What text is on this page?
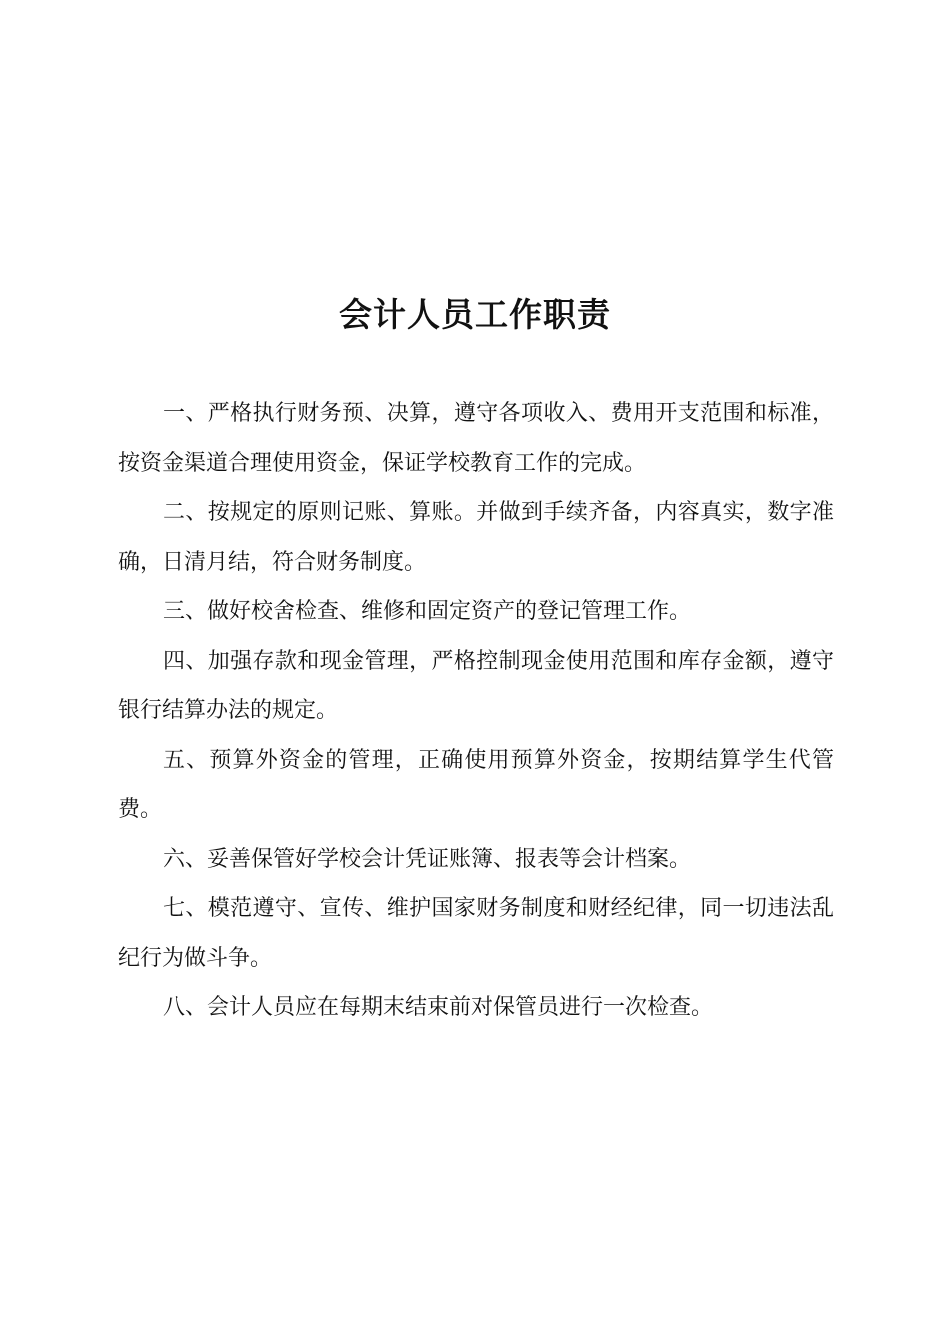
会计人员工作职责

一、严格执行财务预、决算，遵守各项收入、费用开支范围和标准，按资金渠道合理使用资金，保证学校教育工作的完成。

二、按规定的原则记账、算账。并做到手续齐备，内容真实，数字准确，日清月结，符合财务制度。

三、做好校舍检查、维修和固定资产的登记管理工作。

四、加强存款和现金管理，严格控制现金使用范围和库存金额，遵守银行结算办法的规定。

五、预算外资金的管理，正确使用预算外资金，按期结算学生代管费。

六、妥善保管好学校会计凭证账簿、报表等会计档案。

七、模范遵守、宣传、维护国家财务制度和财经纪律，同一切违法乱纪行为做斗争。

八、会计人员应在每期末结束前对保管员进行一次检查。
